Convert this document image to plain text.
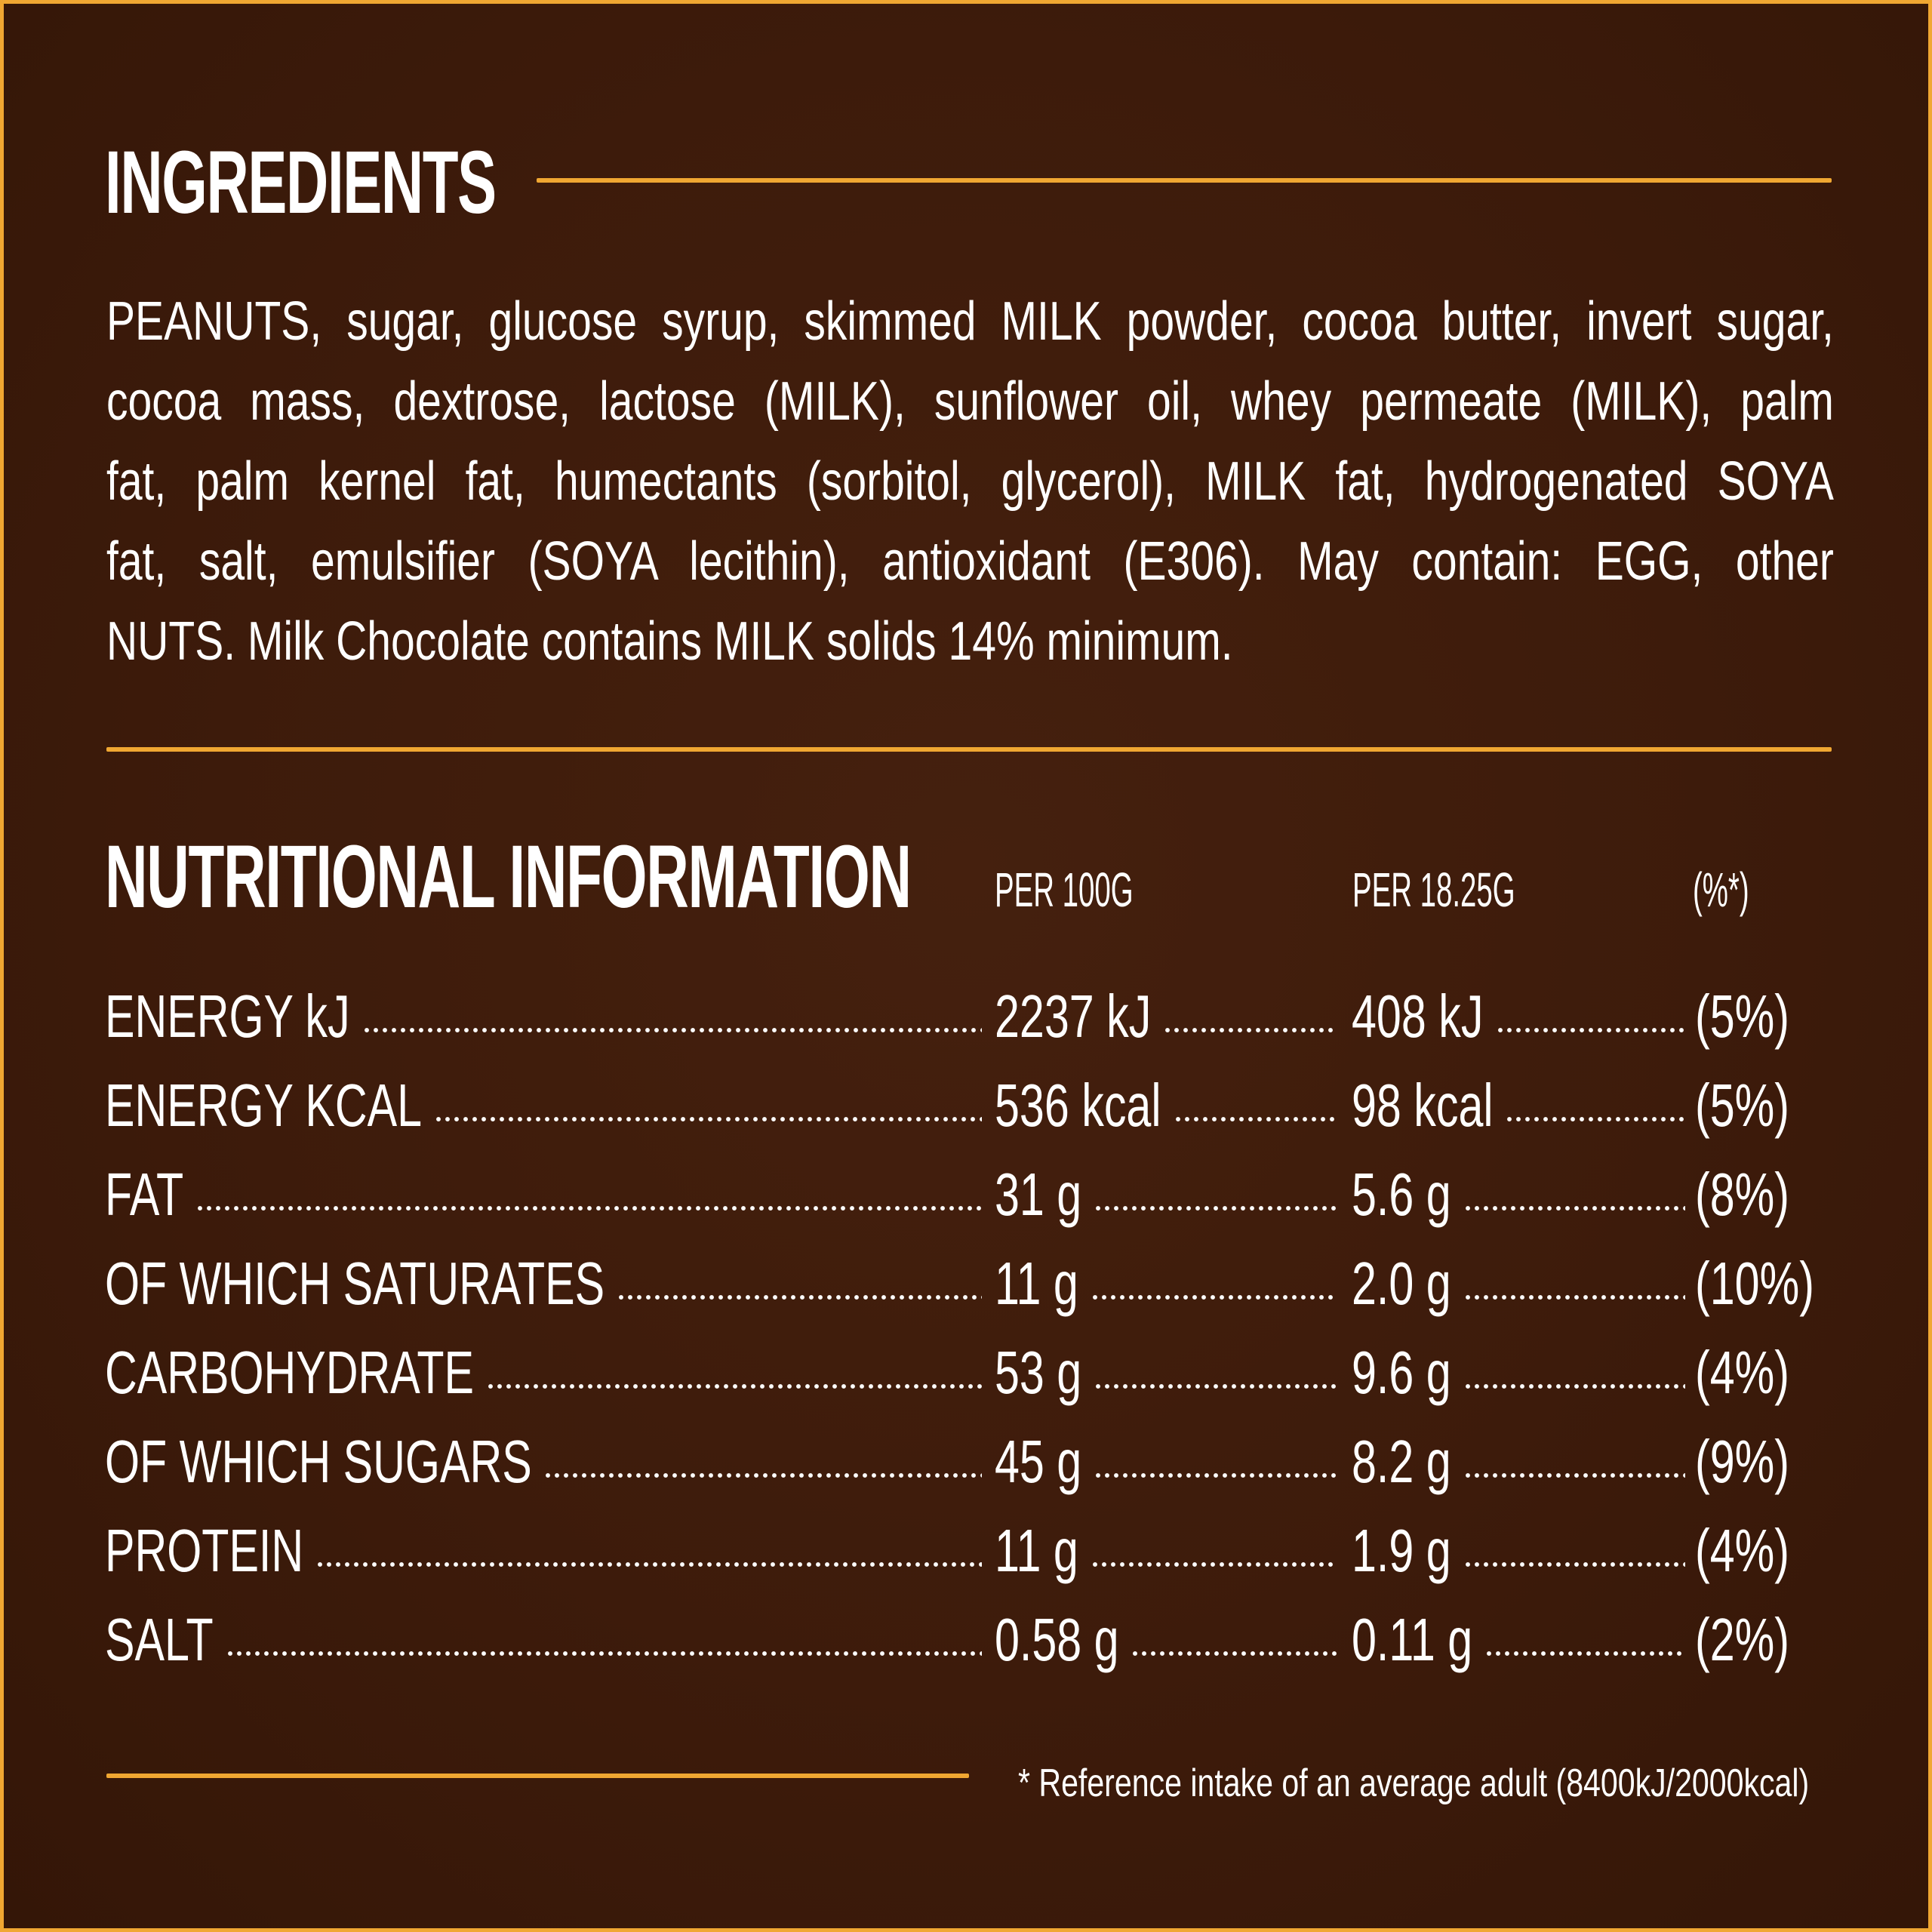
INGREDIENTS
PEANUTS, sugar, glucose syrup, skimmed MILK powder, cocoa butter, invert sugar,
cocoa mass, dextrose, lactose (MILK), sunflower oil, whey permeate (MILK), palm
fat, palm kernel fat, humectants (sorbitol, glycerol), MILK fat, hydrogenated SOYA
fat, salt, emulsifier (SOYA lecithin), antioxidant (E306). May contain: EGG, other
NUTS. Milk Chocolate contains MILK solids 14% minimum.
NUTRITIONAL INFORMATION PER 100G	PER 18.25G	(%*)
ENERGY kJ	2237 kJ	408 kJ	(5%)
ENERGY KCAL	536 kcal	98 kcal	(5%)
FAT	31 g	5.6 g	(8%)
OF WHICH SATURATES	11 g	2.0 g	(10%)
CARBOHYDRATE	53 g	9.6 g	(4%)
OF WHICH SUGARS	45 g	8.2 g	(9%)
PROTEIN	11 g	1.9 g	(4%)
SALT	0.58 g	0.11 g	(2%)
* Reference intake of an average adult (8400kJ/2000kcal)
